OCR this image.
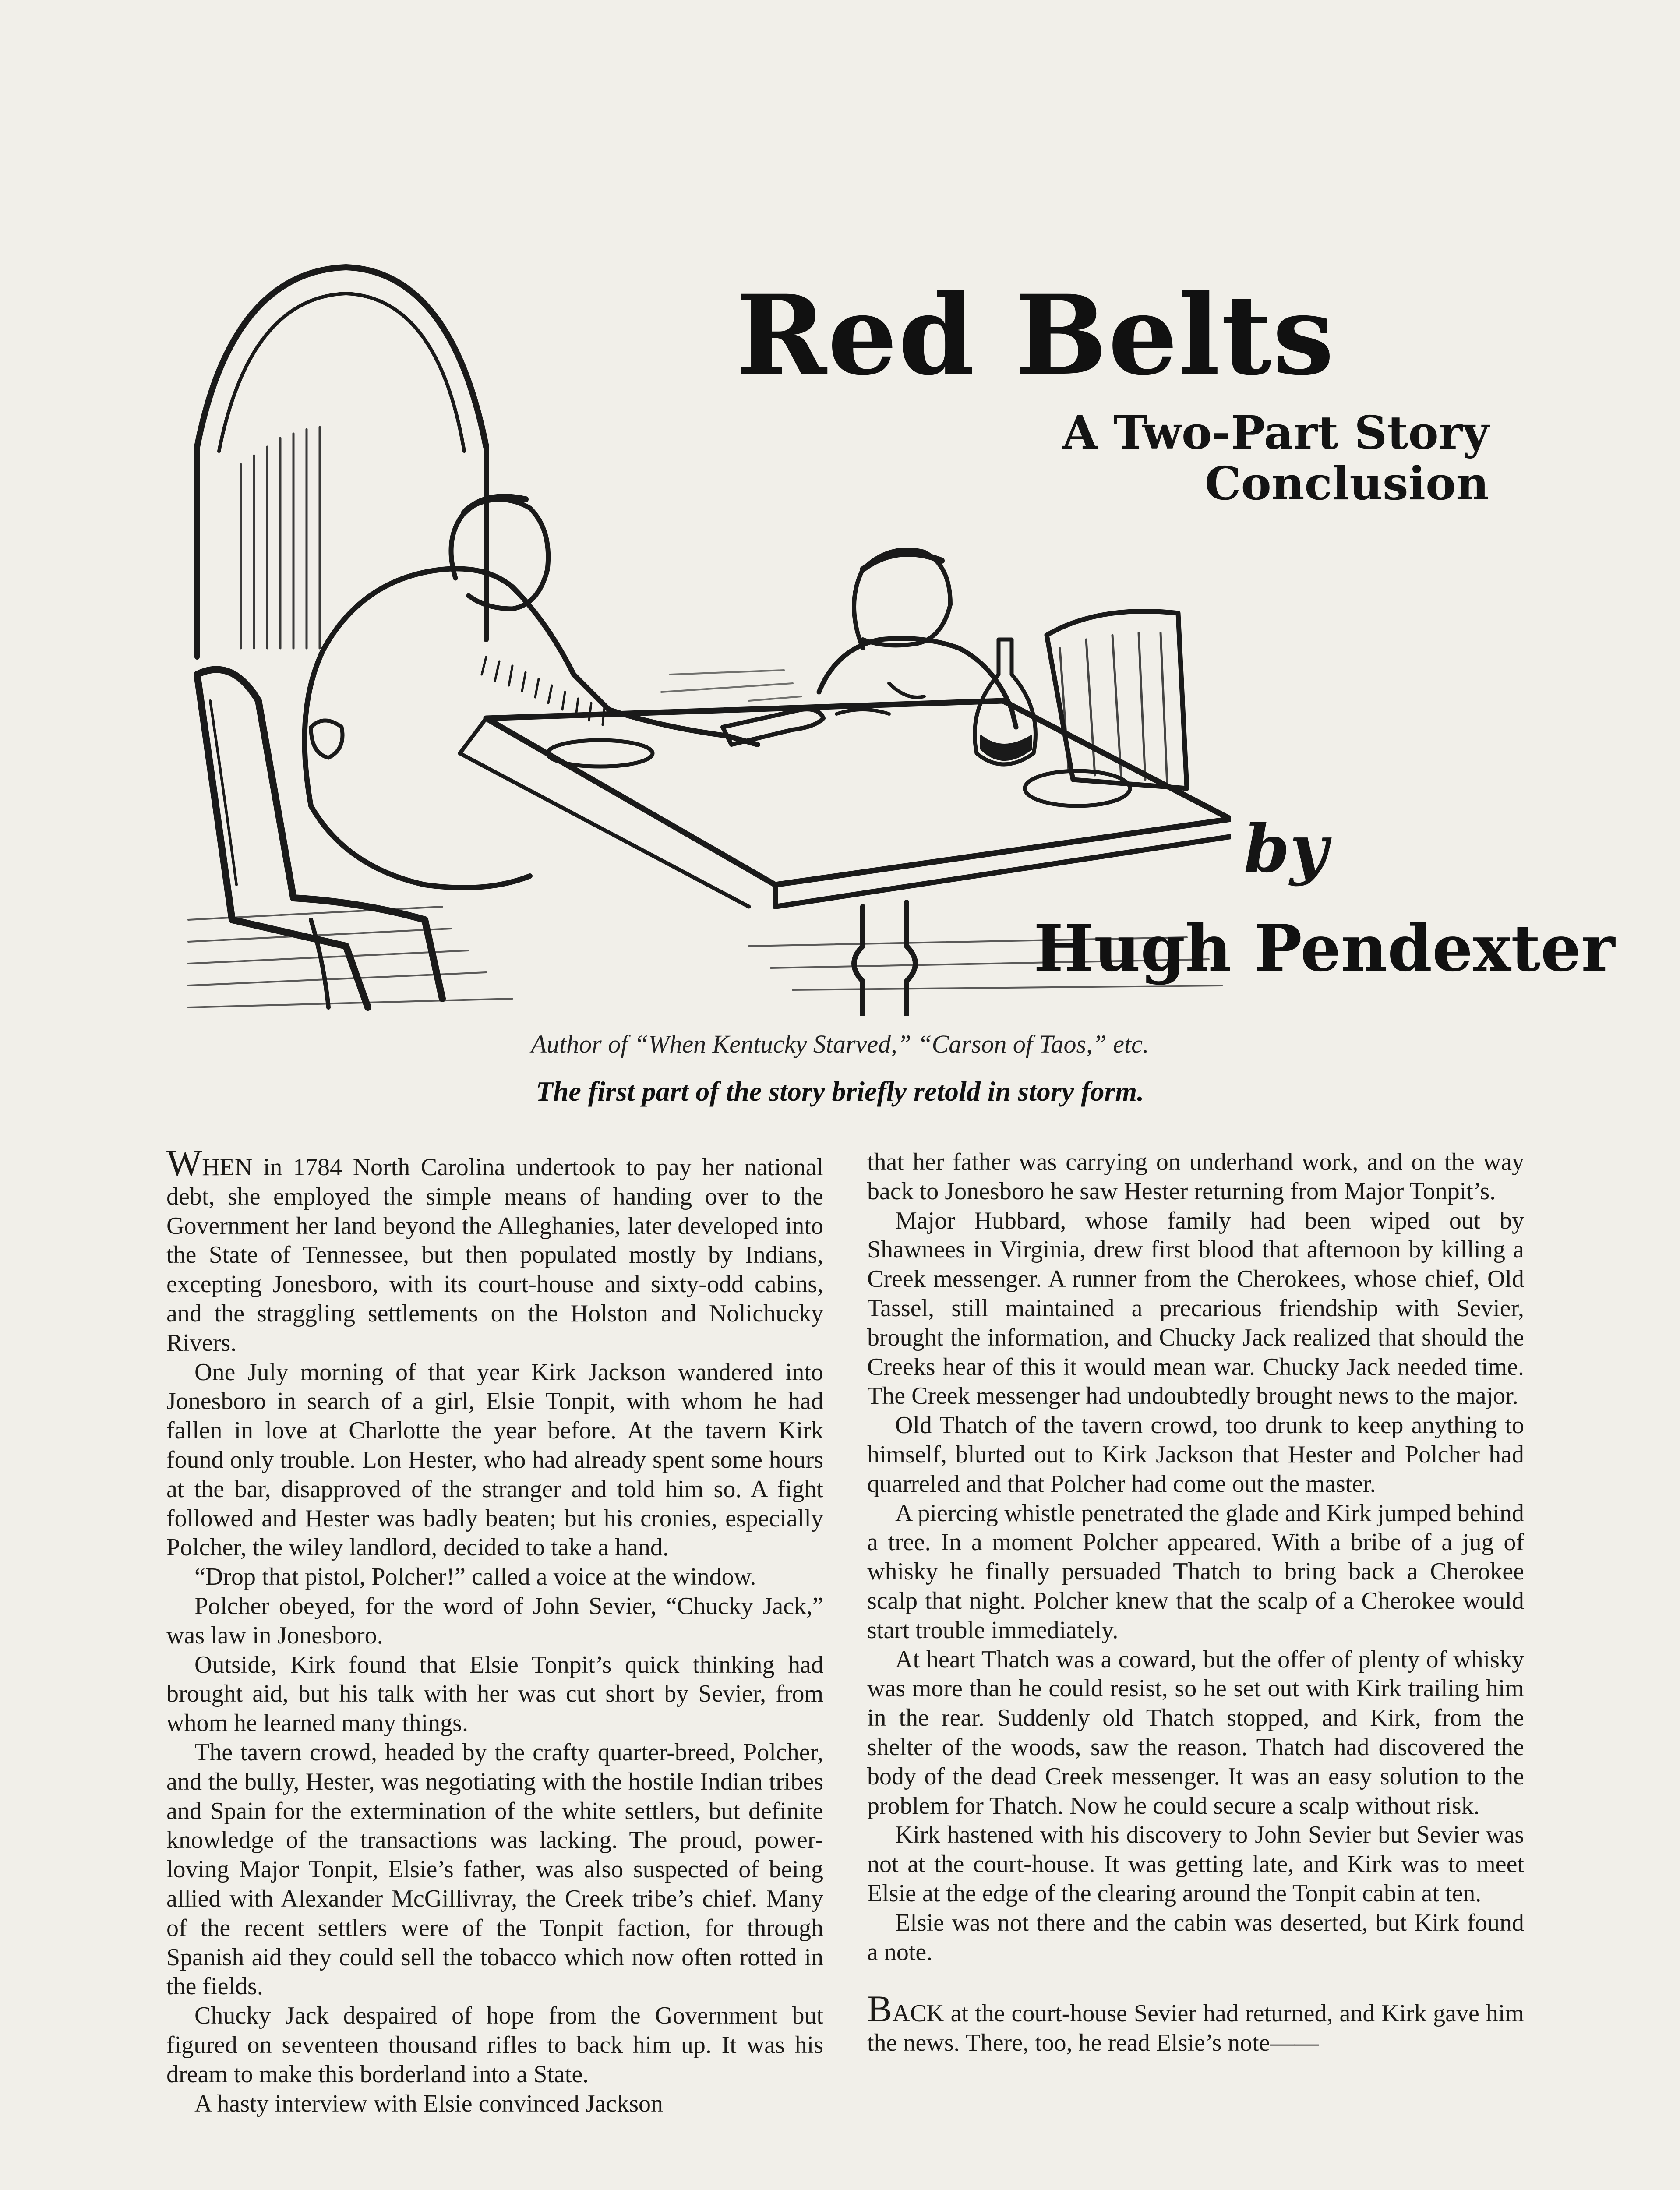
Red Belts
A Two-Part Story
Conclusion
by
Hugh Pendexter
Author of “When Kentucky Starved,” “Carson of Taos,” etc.
The first part of the story briefly retold in story form.

WHEN in 1784 North Carolina undertook to pay her national debt, she employed the simple means of handing over to the Government her land beyond the Alleghanies, later developed into the State of Tennessee, but then populated mostly by Indians, excepting Jonesboro, with its court-house and sixty-odd cabins, and the straggling settlements on the Holston and Nolichucky Rivers.

One July morning of that year Kirk Jackson wandered into Jonesboro in search of a girl, Elsie Tonpit, with whom he had fallen in love at Charlotte the year before. At the tavern Kirk found only trouble. Lon Hester, who had already spent some hours at the bar, disapproved of the stranger and told him so. A fight followed and Hester was badly beaten; but his cronies, especially Polcher, the wiley landlord, decided to take a hand.

“Drop that pistol, Polcher!” called a voice at the window.

Polcher obeyed, for the word of John Sevier, “Chucky Jack,” was law in Jonesboro.

Outside, Kirk found that Elsie Tonpit’s quick thinking had brought aid, but his talk with her was cut short by Sevier, from whom he learned many things.

The tavern crowd, headed by the crafty quarter-breed, Polcher, and the bully, Hester, was negotiating with the hostile Indian tribes and Spain for the extermination of the white settlers, but definite knowledge of the transactions was lacking. The proud, power-loving Major Tonpit, Elsie’s father, was also suspected of being allied with Alexander McGillivray, the Creek tribe’s chief. Many of the recent settlers were of the Tonpit faction, for through Spanish aid they could sell the tobacco which now often rotted in the fields.

Chucky Jack despaired of hope from the Government but figured on seventeen thousand rifles to back him up. It was his dream to make this borderland into a State.

A hasty interview with Elsie convinced Jackson

that her father was carrying on underhand work, and on the way back to Jonesboro he saw Hester returning from Major Tonpit’s.

Major Hubbard, whose family had been wiped out by Shawnees in Virginia, drew first blood that afternoon by killing a Creek messenger. A runner from the Cherokees, whose chief, Old Tassel, still maintained a precarious friendship with Sevier, brought the information, and Chucky Jack realized that should the Creeks hear of this it would mean war. Chucky Jack needed time. The Creek messenger had undoubtedly brought news to the major.

Old Thatch of the tavern crowd, too drunk to keep anything to himself, blurted out to Kirk Jackson that Hester and Polcher had quarreled and that Polcher had come out the master.

A piercing whistle penetrated the glade and Kirk jumped behind a tree. In a moment Polcher appeared. With a bribe of a jug of whisky he finally persuaded Thatch to bring back a Cherokee scalp that night. Polcher knew that the scalp of a Cherokee would start trouble immediately.

At heart Thatch was a coward, but the offer of plenty of whisky was more than he could resist, so he set out with Kirk trailing him in the rear. Suddenly old Thatch stopped, and Kirk, from the shelter of the woods, saw the reason. Thatch had discovered the body of the dead Creek messenger. It was an easy solution to the problem for Thatch. Now he could secure a scalp without risk.

Kirk hastened with his discovery to John Sevier but Sevier was not at the court-house. It was getting late, and Kirk was to meet Elsie at the edge of the clearing around the Tonpit cabin at ten.

Elsie was not there and the cabin was deserted, but Kirk found a note.

BACK at the court-house Sevier had returned, and Kirk gave him the news. There, too, he read Elsie’s note——
